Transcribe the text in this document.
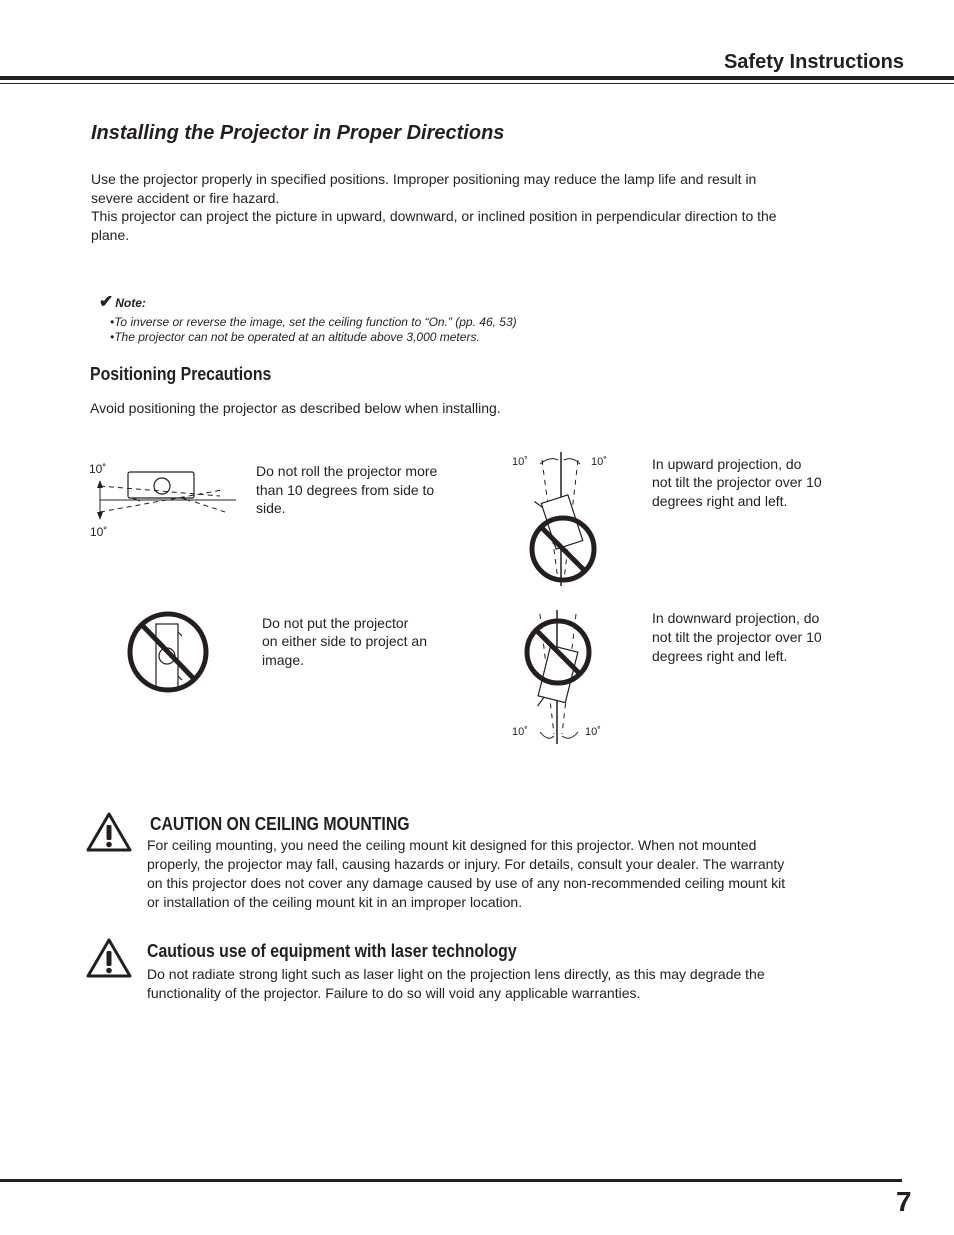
Safety Instructions
Installing the Projector in Proper Directions
Use the projector properly in specified positions. Improper positioning may reduce the lamp life and result in
severe accident or fire hazard.
This projector can project the picture in upward, downward, or inclined position in perpendicular direction to the
plane.
✔ Note:
•To inverse or reverse the image, set the ceiling function to “On.” (pp. 46, 53)
•The projector can not be operated at an altitude above 3,000 meters.
Positioning Precautions
Avoid positioning the projector as described below when installing.
10˚
10˚
Do not roll the projector more
than 10 degrees from side to
side.
10˚	10˚	In upward projection, do
not tilt the projector over 10
degrees right and left.
Do not put the projector
on either side to project an
image.
10˚	10˚
In downward projection, do
not tilt the projector over 10
degrees right and left.
CAUTION ON CEILING MOUNTING
For ceiling mounting, you need the ceiling mount kit designed for this projector. When not mounted
properly, the projector may fall, causing hazards or injury. For details, consult your dealer. The warranty
on this projector does not cover any damage caused by use of any non-recommended ceiling mount kit
or installation of the ceiling mount kit in an improper location.
Cautious use of equipment with laser technology
Do not radiate strong light such as laser light on the projection lens directly, as this may degrade the
functionality of the projector. Failure to do so will void any applicable warranties.
7
